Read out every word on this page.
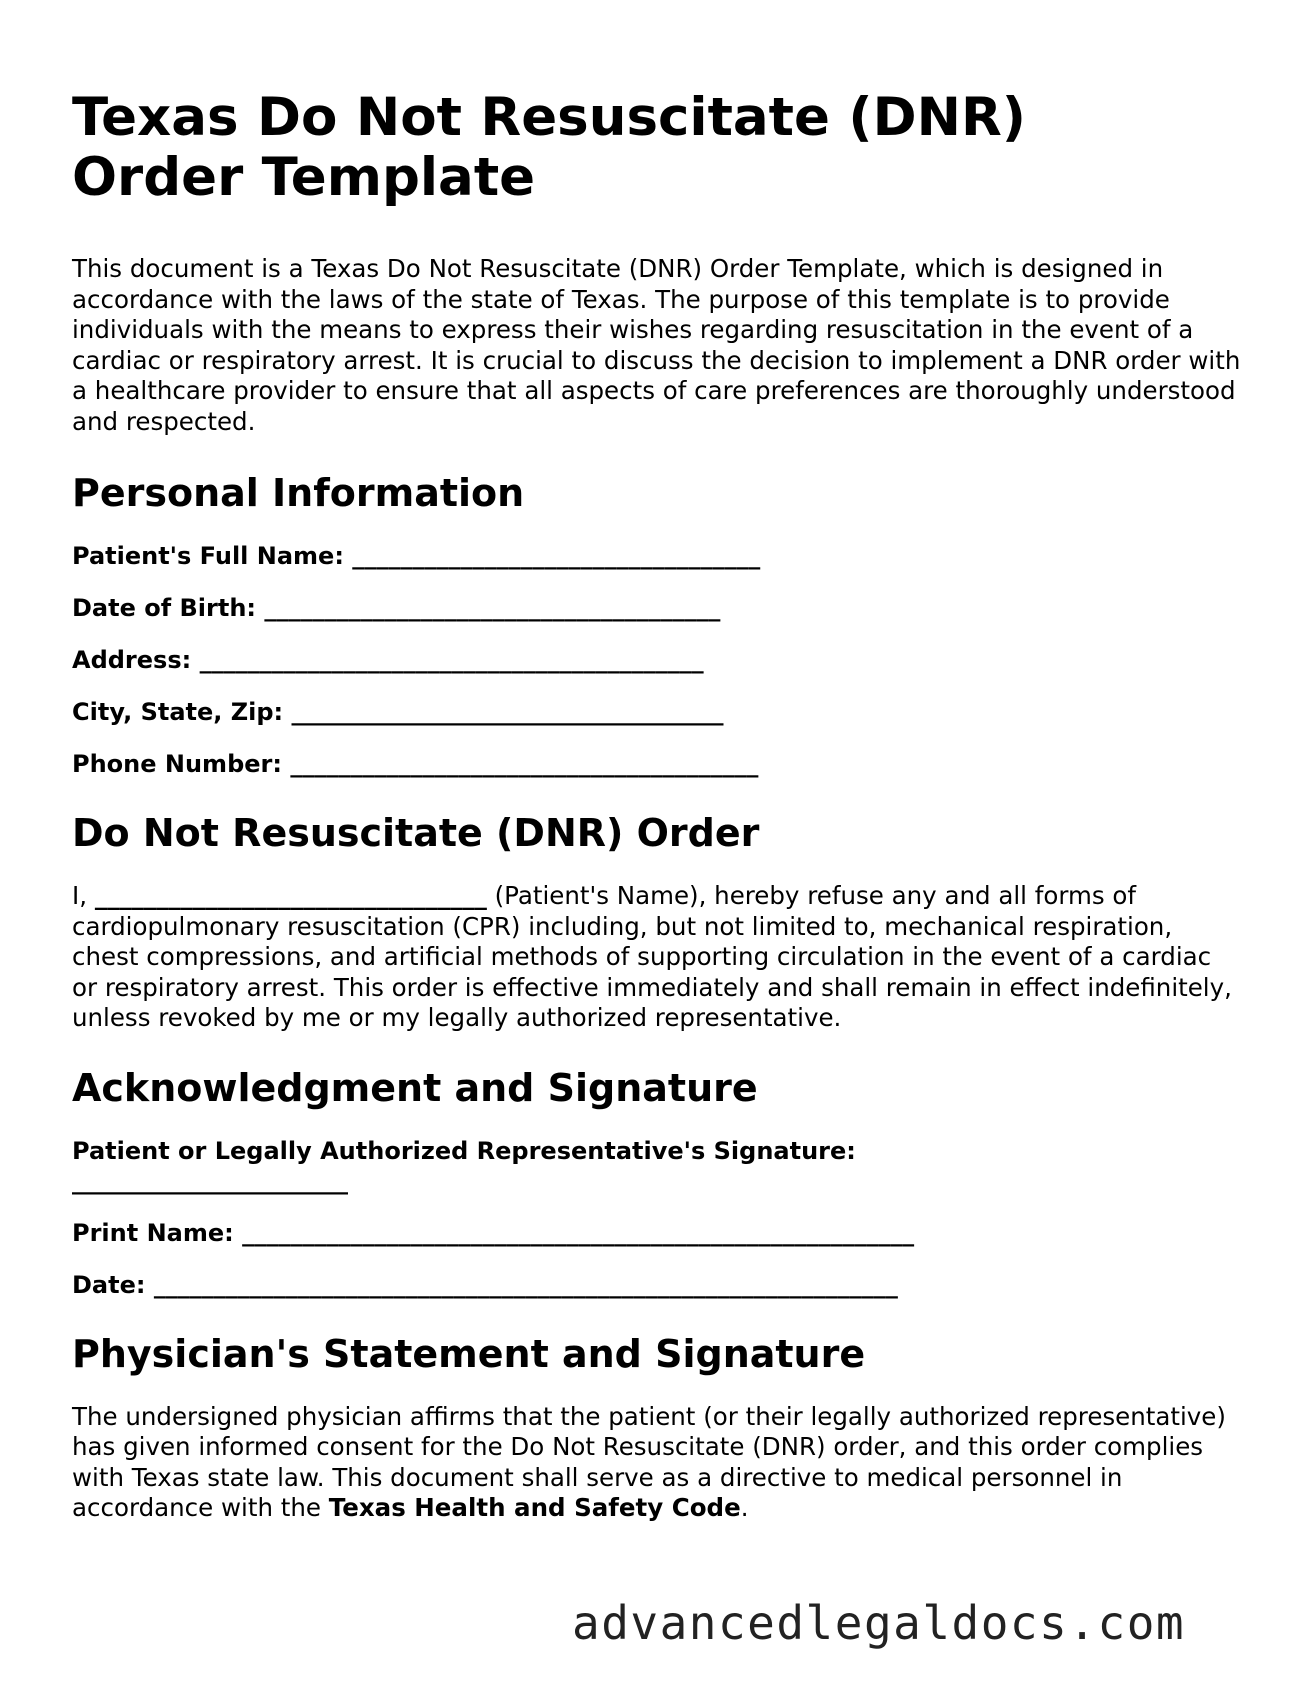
Texas Do Not Resuscitate (DNR) Order Template

This document is a Texas Do Not Resuscitate (DNR) Order Template, which is designed in accordance with the laws of the state of Texas. The purpose of this template is to provide individuals with the means to express their wishes regarding resuscitation in the event of a cardiac or respiratory arrest. It is crucial to discuss the decision to implement a DNR order with a healthcare provider to ensure that all aspects of care preferences are thoroughly understood and respected.

Personal Information
Patient's Full Name: __________________________________
Date of Birth: ______________________________________
Address: __________________________________________
City, State, Zip: ____________________________________
Phone Number: _______________________________________
Do Not Resuscitate (DNR) Order

I, ________________________________ (Patient's Name), hereby refuse any and all forms of cardiopulmonary resuscitation (CPR) including, but not limited to, mechanical respiration, chest compressions, and artificial methods of supporting circulation in the event of a cardiac or respiratory arrest. This order is effective immediately and shall remain in effect indefinitely, unless revoked by me or my legally authorized representative.

Acknowledgment and Signature
Patient or Legally Authorized Representative's Signature:
_______________________
Print Name: ________________________________________________________
Date: ______________________________________________________________
Physician's Statement and Signature

The undersigned physician affirms that the patient (or their legally authorized representative) has given informed consent for the Do Not Resuscitate (DNR) order, and this order complies with Texas state law. This document shall serve as a directive to medical personnel in accordance with the Texas Health and Safety Code.

advancedlegaldocs.com
